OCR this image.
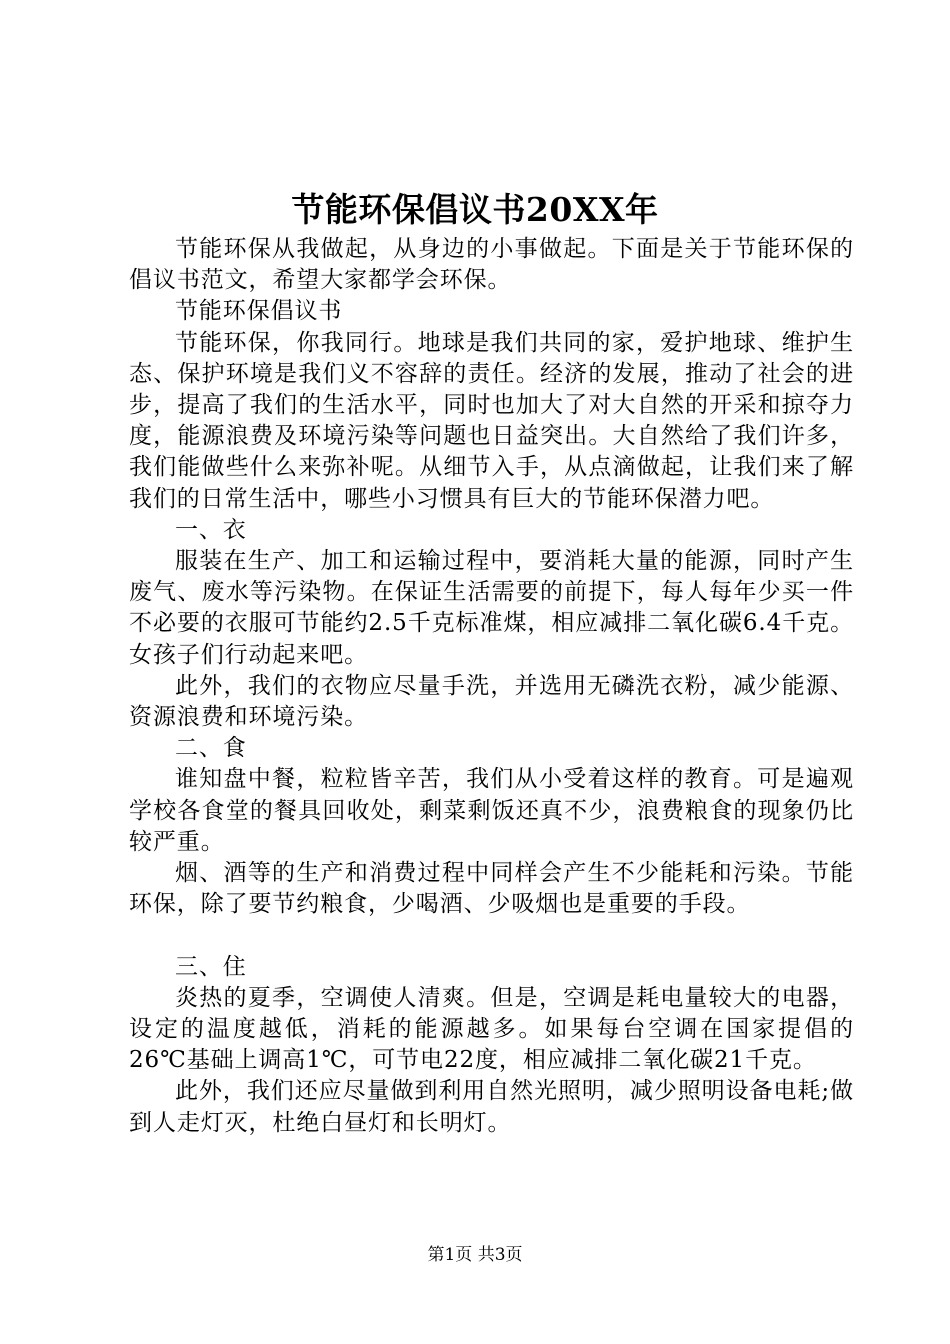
节能环保倡议书20XX年

节能环保从我做起，从身边的小事做起。下面是关于节能环保的倡议书范文，希望大家都学会环保。

节能环保倡议书

节能环保，你我同行。地球是我们共同的家，爱护地球、维护生态、保护环境是我们义不容辞的责任。经济的发展，推动了社会的进步，提高了我们的生活水平，同时也加大了对大自然的开采和掠夺力度，能源浪费及环境污染等问题也日益突出。大自然给了我们许多，我们能做些什么来弥补呢。从细节入手，从点滴做起，让我们来了解我们的日常生活中，哪些小习惯具有巨大的节能环保潜力吧。

一、衣

服装在生产、加工和运输过程中，要消耗大量的能源，同时产生废气、废水等污染物。在保证生活需要的前提下，每人每年少买一件不必要的衣服可节能约2.5千克标准煤，相应减排二氧化碳6.4千克。女孩子们行动起来吧。

此外，我们的衣物应尽量手洗，并选用无磷洗衣粉，减少能源、资源浪费和环境污染。

二、食

谁知盘中餐，粒粒皆辛苦，我们从小受着这样的教育。可是遍观学校各食堂的餐具回收处，剩菜剩饭还真不少，浪费粮食的现象仍比较严重。

烟、酒等的生产和消费过程中同样会产生不少能耗和污染。节能环保，除了要节约粮食，少喝酒、少吸烟也是重要的手段。

三、住

炎热的夏季，空调使人清爽。但是，空调是耗电量较大的电器，设定的温度越低，消耗的能源越多。如果每台空调在国家提倡的26℃基础上调高1℃，可节电22度，相应减排二氧化碳21千克。

此外，我们还应尽量做到利用自然光照明，减少照明设备电耗;做到人走灯灭，杜绝白昼灯和长明灯。

第1页 共3页
